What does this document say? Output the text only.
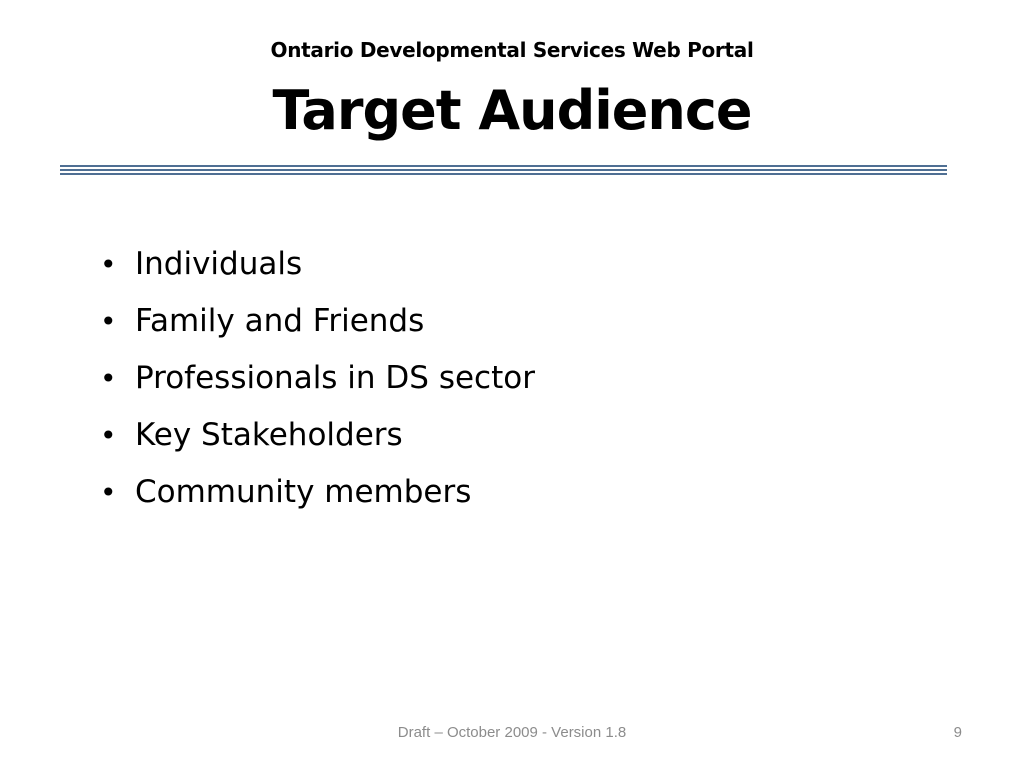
Ontario Developmental Services Web Portal
Target Audience
• Individuals
• Family and Friends
• Professionals in DS sector
• Key Stakeholders
• Community members
Draft – October 2009 - Version 1.8	9
